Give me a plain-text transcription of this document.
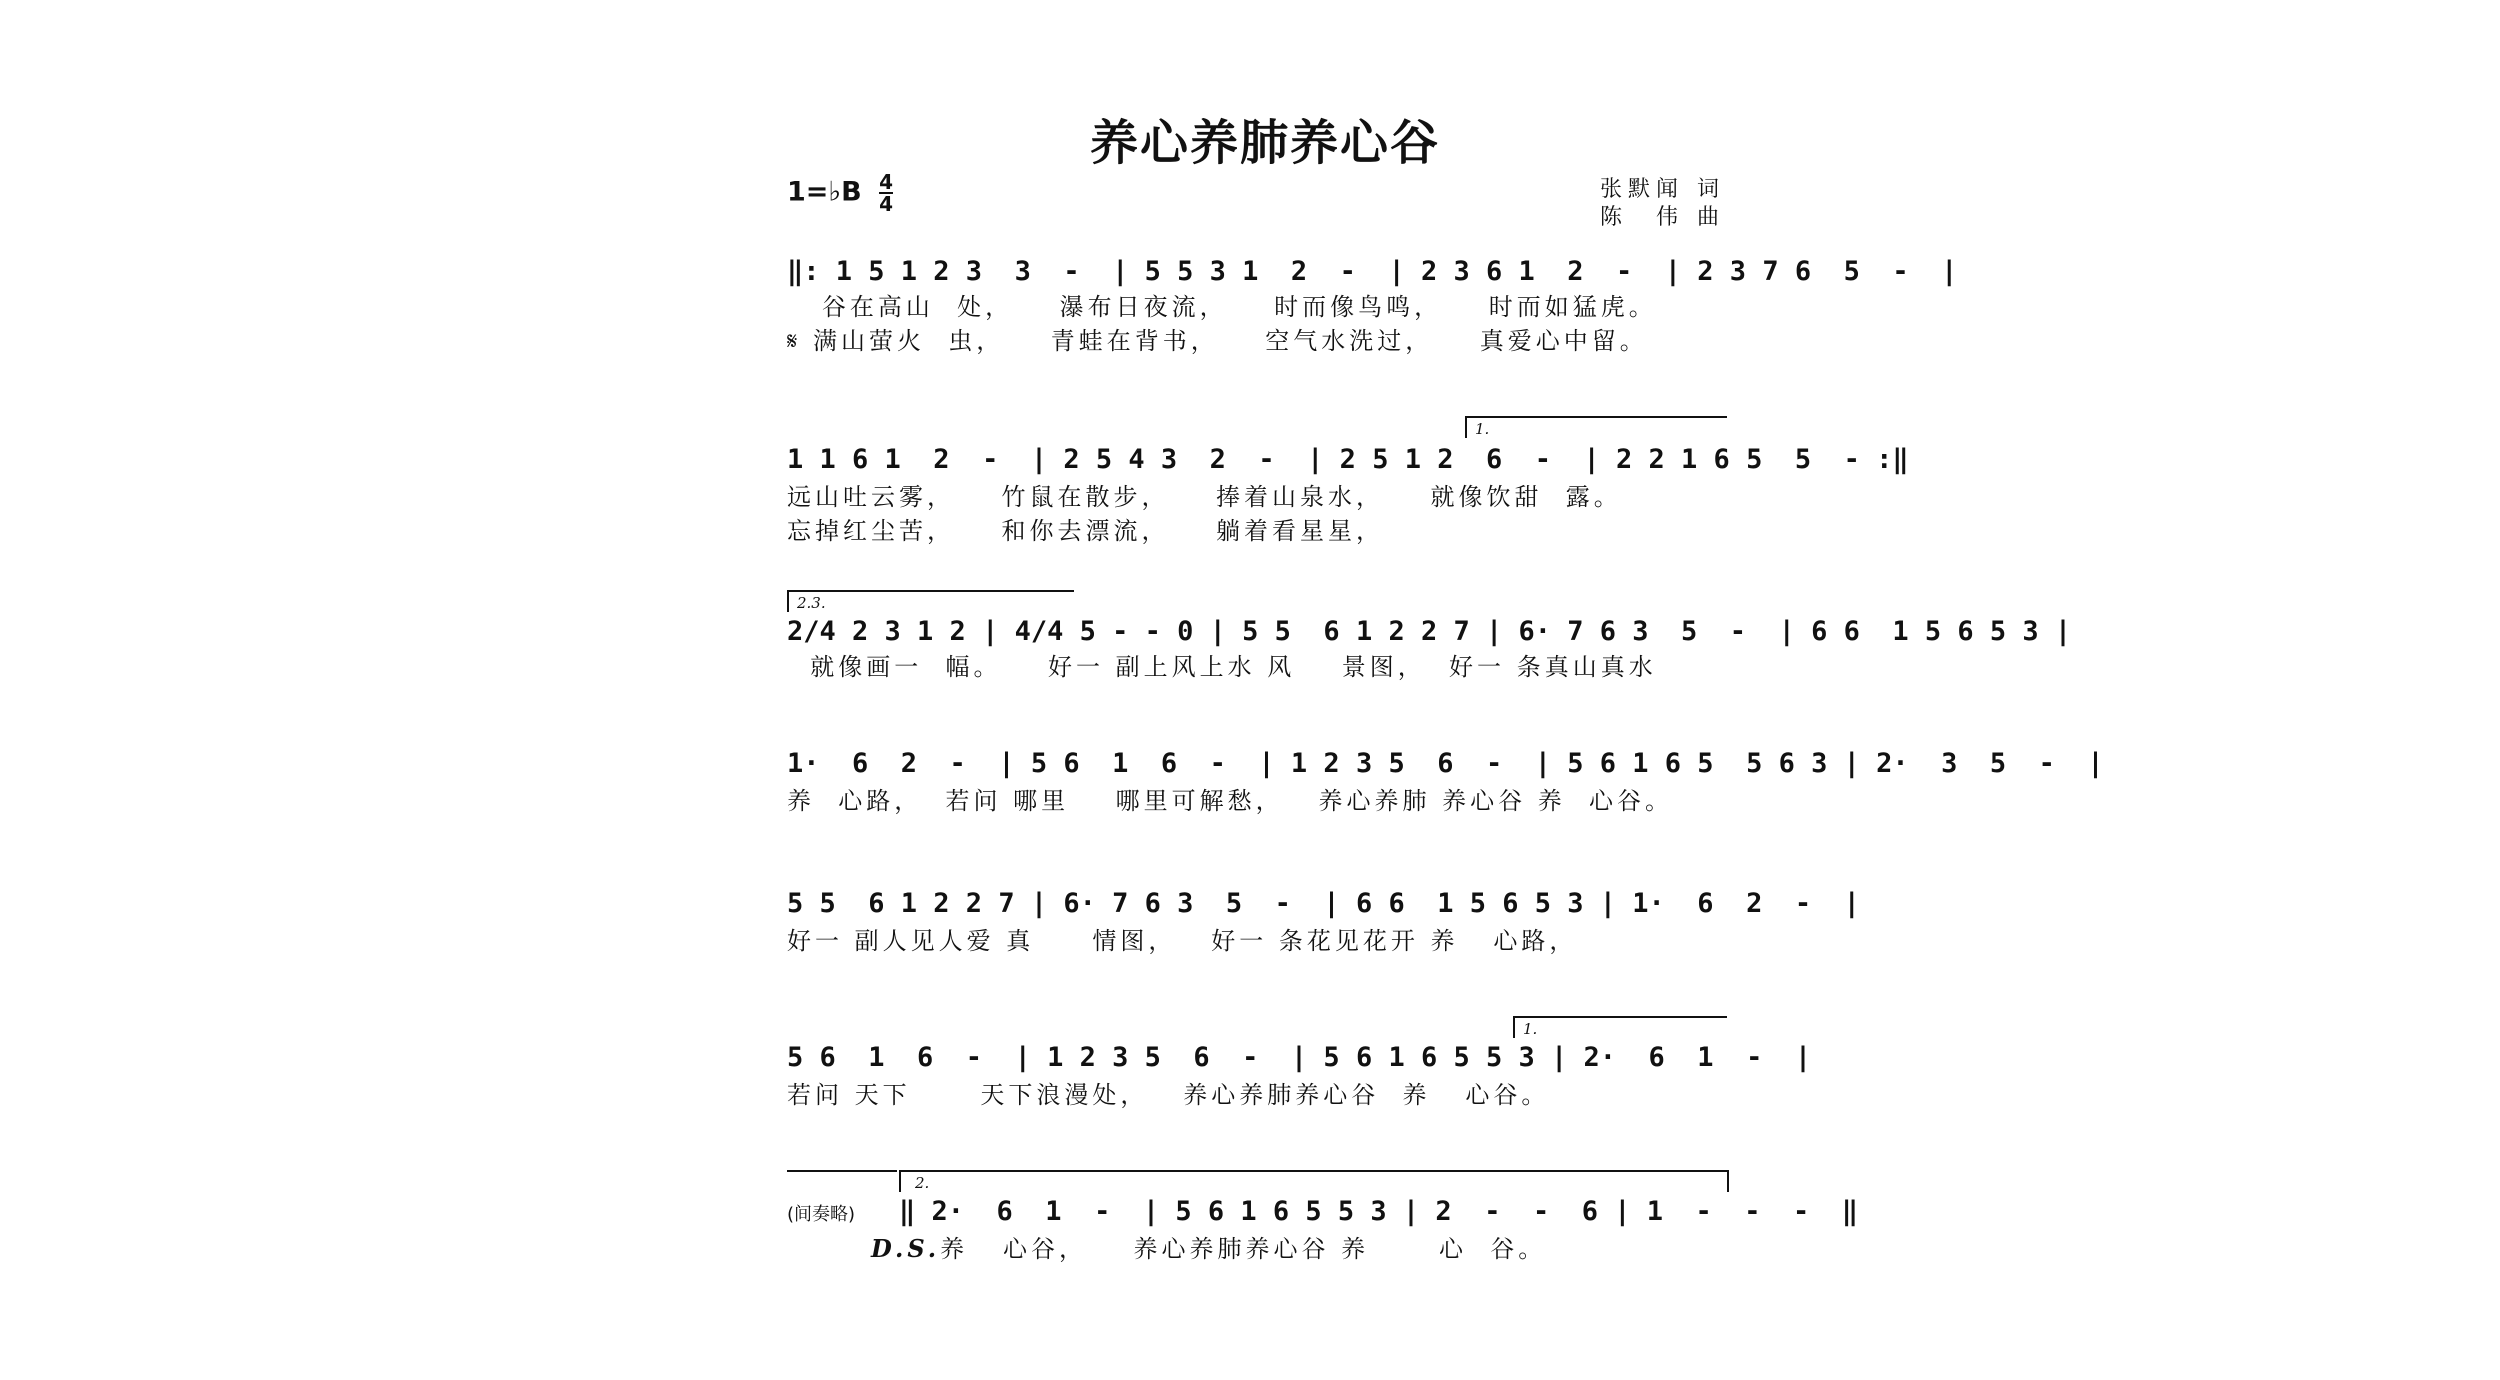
养心养肺养心谷
1=♭B $\frac{4}{4}$	张默闻 词
陈　伟 曲
‖: 1 5 1 2 3  3  -  | 5 5 3 1  2  -  | 2 3 6 1  2  -  | 2 3 7 6  5  -  |
谷在高山  处，    瀑布日夜流，    时而像鸟鸣，    时而如猛虎。
𝄋 满山萤火  虫，    青蛙在背书，    空气水洗过，    真爱心中留。
1.
1 1 6 1  2  -  | 2 5 4 3  2  -  | 2 5 1 2  6  -  | 2 2 1 6 5  5  - :‖
远山吐云雾，    竹鼠在散步，    捧着山泉水，    就像饮甜  露。
忘掉红尘苦，    和你去漂流，    躺着看星星，
2.3.
2/4 2 3 1 2 | 4/4 5 - - 0 | 5 5  6 1 2 2 7 | 6· 7 6 3  5  -  | 6 6  1 5 6 5 3 |
就像画一  幅。    好一 副上风上水 风    景图，  好一 条真山真水
1·  6  2  -  | 5 6  1  6  -  | 1 2 3 5  6  -  | 5 6 1 6 5  5 6 3 | 2·  3  5  -  |
养  心路，  若问 哪里    哪里可解愁，   养心养肺 养心谷 养  心谷。
5 5  6 1 2 2 7 | 6· 7 6 3  5  -  | 6 6  1 5 6 5 3 | 1·  6  2  -  |
好一 副人见人爱 真     情图，   好一 条花见花开 养   心路，
1.
5 6  1  6  -  | 1 2 3 5  6  -  | 5 6 1 6 5 5 3 | 2·  6  1  -  |
若问 天下      天下浪漫处，   养心养肺养心谷  养   心谷。
2.
(间奏略) ‖ 2·  6  1  -  | 5 6 1 6 5 5 3 | 2  -  -  6 | 1  -  -  -  ‖
D.S.养   心谷，    养心养肺养心谷 养      心  谷。
